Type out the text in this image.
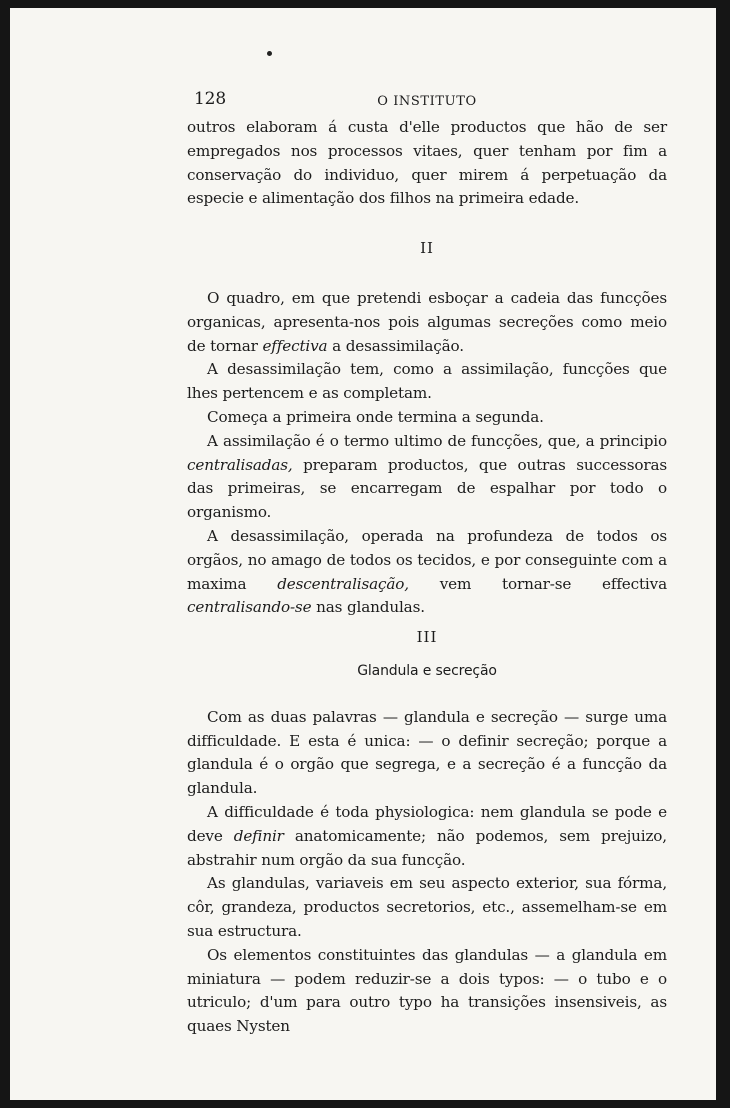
128	O INSTITUTO

outros elaboram á custa d'elle productos que hão de ser empregados nos processos vitaes, quer tenham por fim a conservação do individuo, quer mirem á perpetuação da especie e alimentação dos filhos na primeira edade.

II

O quadro, em que pretendi esboçar a cadeia das funcções organicas, apresenta-nos pois algumas secreções como meio de tornar effectiva a desassimilação.

A desassimilação tem, como a assimilação, funcções que lhes pertencem e as completam.

Começa a primeira onde termina a segunda.

A assimilação é o termo ultimo de funcções, que, a principio centralisadas, preparam productos, que outras successoras das primeiras, se encarregam de espalhar por todo o organismo.

A desassimilação, operada na profundeza de todos os orgãos, no amago de todos os tecidos, e por conseguinte com a maxima descentralisação, vem tornar-se effectiva centralisando-se nas glandulas.

III

Glandula e secreção

Com as duas palavras — glandula e secreção — surge uma difficuldade. E esta é unica: — o definir secreção; porque a glandula é o orgão que segrega, e a secreção é a funcção da glandula.

A difficuldade é toda physiologica: nem glandula se pode e deve definir anatomicamente; não podemos, sem prejuizo, abstrahir num orgão da sua funcção.

As glandulas, variaveis em seu aspecto exterior, sua fórma, côr, grandeza, productos secretorios, etc., assemelham-se em sua estructura.

Os elementos constituintes das glandulas — a glandula em miniatura — podem reduzir-se a dois typos: — o tubo e o utriculo; d'um para outro typo ha transições insensiveis, as quaes Nysten
